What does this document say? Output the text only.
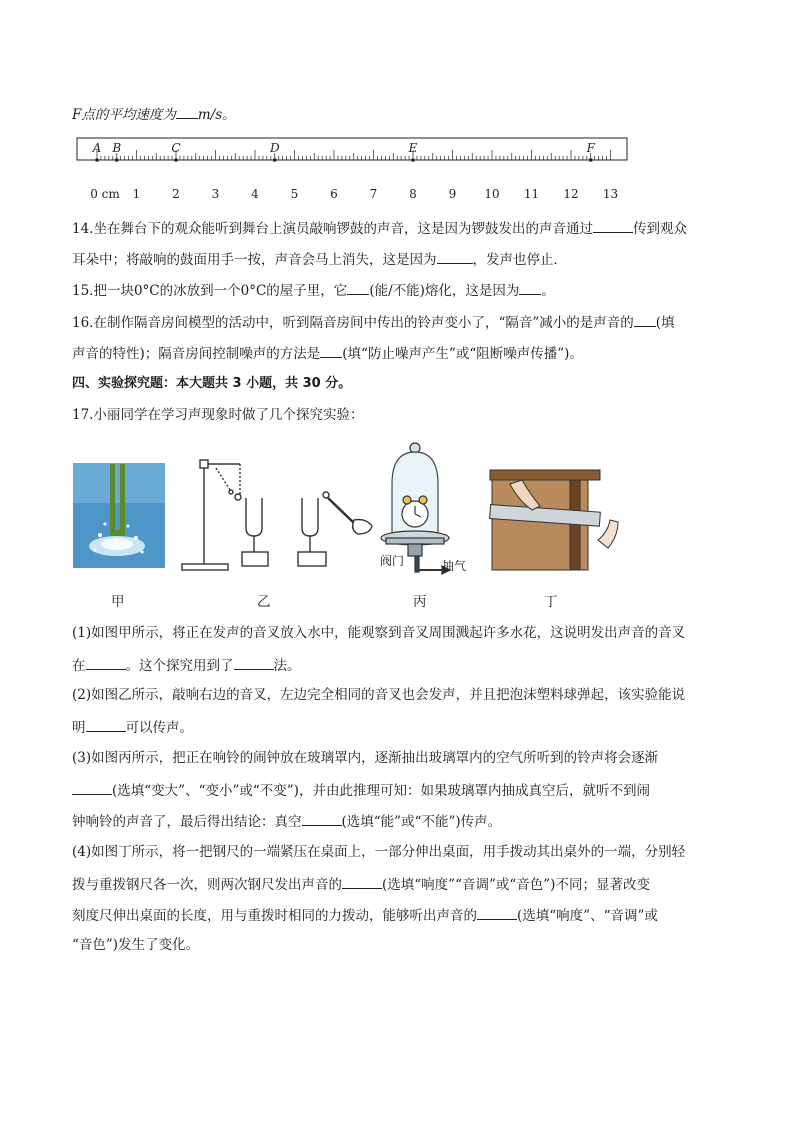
F点的平均速度为 m/s。
A B	C	D	E	F
0 cm 1	2	3	4	5	6	7	8	9 10 11 12 13
14.坐在舞台下的观众能听到舞台上演员敲响锣鼓的声音，这是因为锣鼓发出的声音通过	传到观众
耳朵中；将敲响的鼓面用手一按，声音会马上消失，这是因为	，发声也停止．
15.把一块0°C的冰放到一个0°C的屋子里，它 (能/不能)熔化，这是因为 。
16.在制作隔音房间模型的活动中，听到隔音房间中传出的铃声变小了，“隔音”减小的是声音的 (填
声音的特性)；隔音房间控制噪声的方法是 (填“防止噪声产生”或“阻断噪声传播”)。
四、实验探究题：本大题共 3 小题，共 30 分。
17.小丽同学在学习声现象时做了几个探究实验：
甲	乙	丙	丁
阀门	抽气
(1)如图甲所示，将正在发声的音叉放入水中，能观察到音叉周围溅起许多水花，这说明发出声音的音叉
在	。这个探究用到了	法。
(2)如图乙所示，敲响右边的音叉，左边完全相同的音叉也会发声，并且把泡沫塑料球弹起，该实验能说
明	可以传声。
(3)如图丙所示，把正在响铃的闹钟放在玻璃罩内，逐渐抽出玻璃罩内的空气所听到的铃声将会逐渐
(选填“变大”、“变小”或“不变”)，并由此推理可知：如果玻璃罩内抽成真空后，就听不到闹
钟响铃的声音了，最后得出结论：真空	(选填“能”或“不能”)传声。
(4)如图丁所示，将一把钢尺的一端紧压在桌面上，一部分伸出桌面，用手拨动其出桌外的一端，分别轻
拨与重拨钢尺各一次，则两次钢尺发出声音的	(选填“响度”“音调”或“音色”)不同；显著改变
刻度尺伸出桌面的长度，用与重拨时相同的力拨动，能够听出声音的	(选填“响度”、“音调”或
“音色”)发生了变化。
